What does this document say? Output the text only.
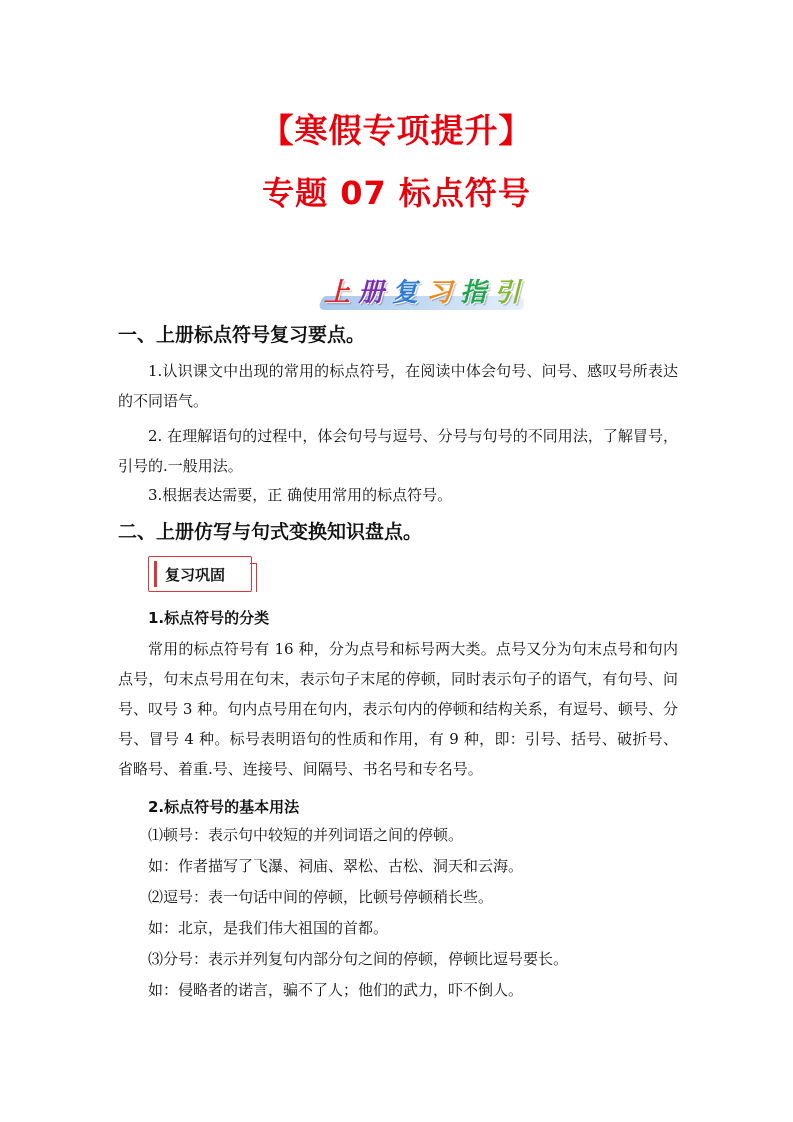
【寒假专项提升】
专题 07 标点符号
上 册 复 习 指 引
一、上册标点符号复习要点。
1.认识课文中出现的常用的标点符号，在阅读中体会句号、问号、感叹号所表达的不同语气。
2. 在理解语句的过程中，体会句号与逗号、分号与句号的不同用法，了解冒号，引号的.一般用法。
3.根据表达需要，正 确使用常用的标点符号。
二、上册仿写与句式变换知识盘点。
复习巩固
1.标点符号的分类
常用的标点符号有 16 种，分为点号和标号两大类。点号又分为句末点号和句内点号，句末点号用在句末，表示句子末尾的停顿，同时表示句子的语气，有句号、问号、叹号 3 种。句内点号用在句内，表示句内的停顿和结构关系，有逗号、顿号、分号、冒号 4 种。标号表明语句的性质和作用，有 9 种，即：引号、括号、破折号、省略号、着重.号、连接号、间隔号、书名号和专名号。
2.标点符号的基本用法
⑴顿号：表示句中较短的并列词语之间的停顿。
如：作者描写了飞瀑、祠庙、翠松、古松、洞天和云海。
⑵逗号：表一句话中间的停顿，比顿号停顿稍长些。
如：北京，是我们伟大祖国的首都。
⑶分号：表示并列复句内部分句之间的停顿，停顿比逗号要长。
如：侵略者的诺言，骗不了人；他们的武力，吓不倒人。
